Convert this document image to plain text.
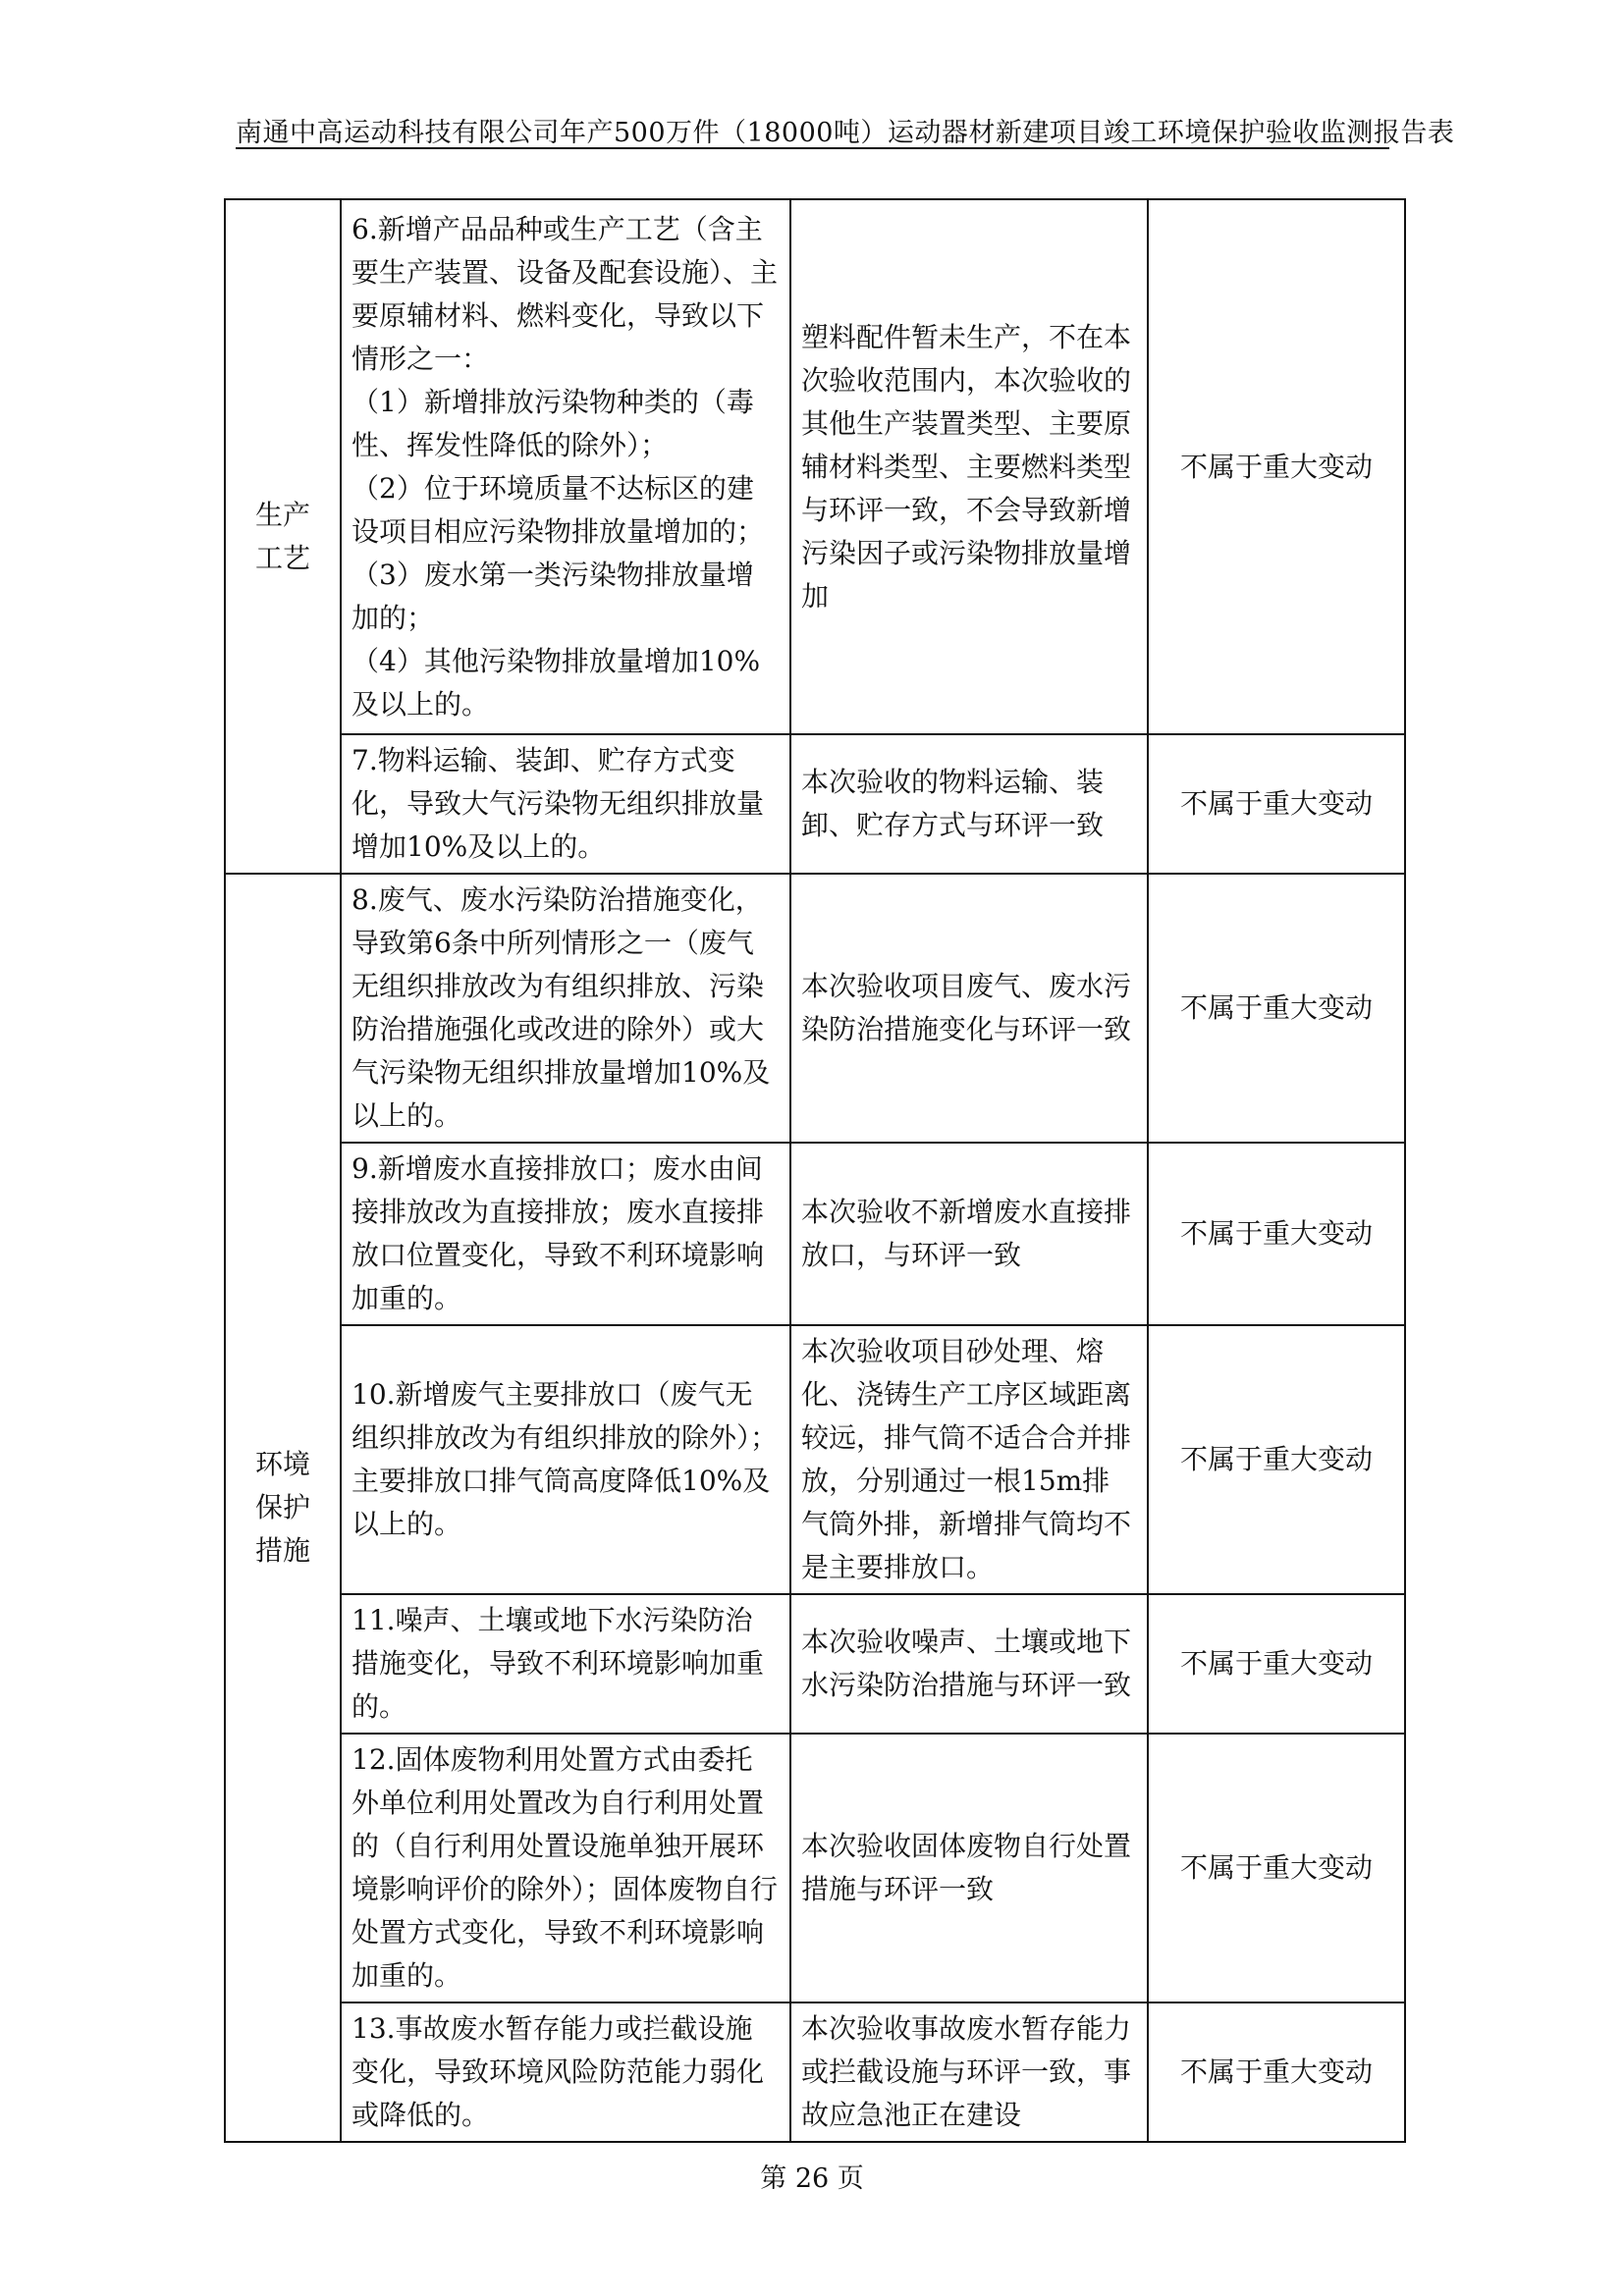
南通中高运动科技有限公司年产500万件（18000吨）运动器材新建项目竣工环境保护验收监测报告表
生产
工艺	6.新增产品品种或生产工艺（含主要生产装置、设备及配套设施）、主要原辅材料、燃料变化，导致以下情形之一：
（1）新增排放污染物种类的（毒性、挥发性降低的除外）；
（2）位于环境质量不达标区的建设项目相应污染物排放量增加的；
（3）废水第一类污染物排放量增加的；
（4）其他污染物排放量增加10%及以上的。	塑料配件暂未生产，不在本次验收范围内，本次验收的其他生产装置类型、主要原辅材料类型、主要燃料类型与环评一致，不会导致新增污染因子或污染物排放量增加	不属于重大变动
	7.物料运输、装卸、贮存方式变化，导致大气污染物无组织排放量增加10%及以上的。	本次验收的物料运输、装卸、贮存方式与环评一致	不属于重大变动

环境
保护
措施	8.废气、废水污染防治措施变化，导致第6条中所列情形之一（废气无组织排放改为有组织排放、污染防治措施强化或改进的除外）或大气污染物无组织排放量增加10%及以上的。	本次验收项目废气、废水污染防治措施变化与环评一致	不属于重大变动
	9.新增废水直接排放口；废水由间接排放改为直接排放；废水直接排放口位置变化，导致不利环境影响加重的。	本次验收不新增废水直接排放口，与环评一致	不属于重大变动
	10.新增废气主要排放口（废气无组织排放改为有组织排放的除外）；主要排放口排气筒高度降低10%及以上的。	本次验收项目砂处理、熔化、浇铸生产工序区域距离较远，排气筒不适合合并排放，分别通过一根15m排气筒外排，新增排气筒均不是主要排放口。	不属于重大变动
	11.噪声、土壤或地下水污染防治措施变化，导致不利环境影响加重的。	本次验收噪声、土壤或地下水污染防治措施与环评一致	不属于重大变动
	12.固体废物利用处置方式由委托外单位利用处置改为自行利用处置的（自行利用处置设施单独开展环境影响评价的除外）；固体废物自行处置方式变化，导致不利环境影响加重的。	本次验收固体废物自行处置措施与环评一致	不属于重大变动
	13.事故废水暂存能力或拦截设施变化，导致环境风险防范能力弱化或降低的。	本次验收事故废水暂存能力或拦截设施与环评一致，事故应急池正在建设	不属于重大变动
第 26 页
